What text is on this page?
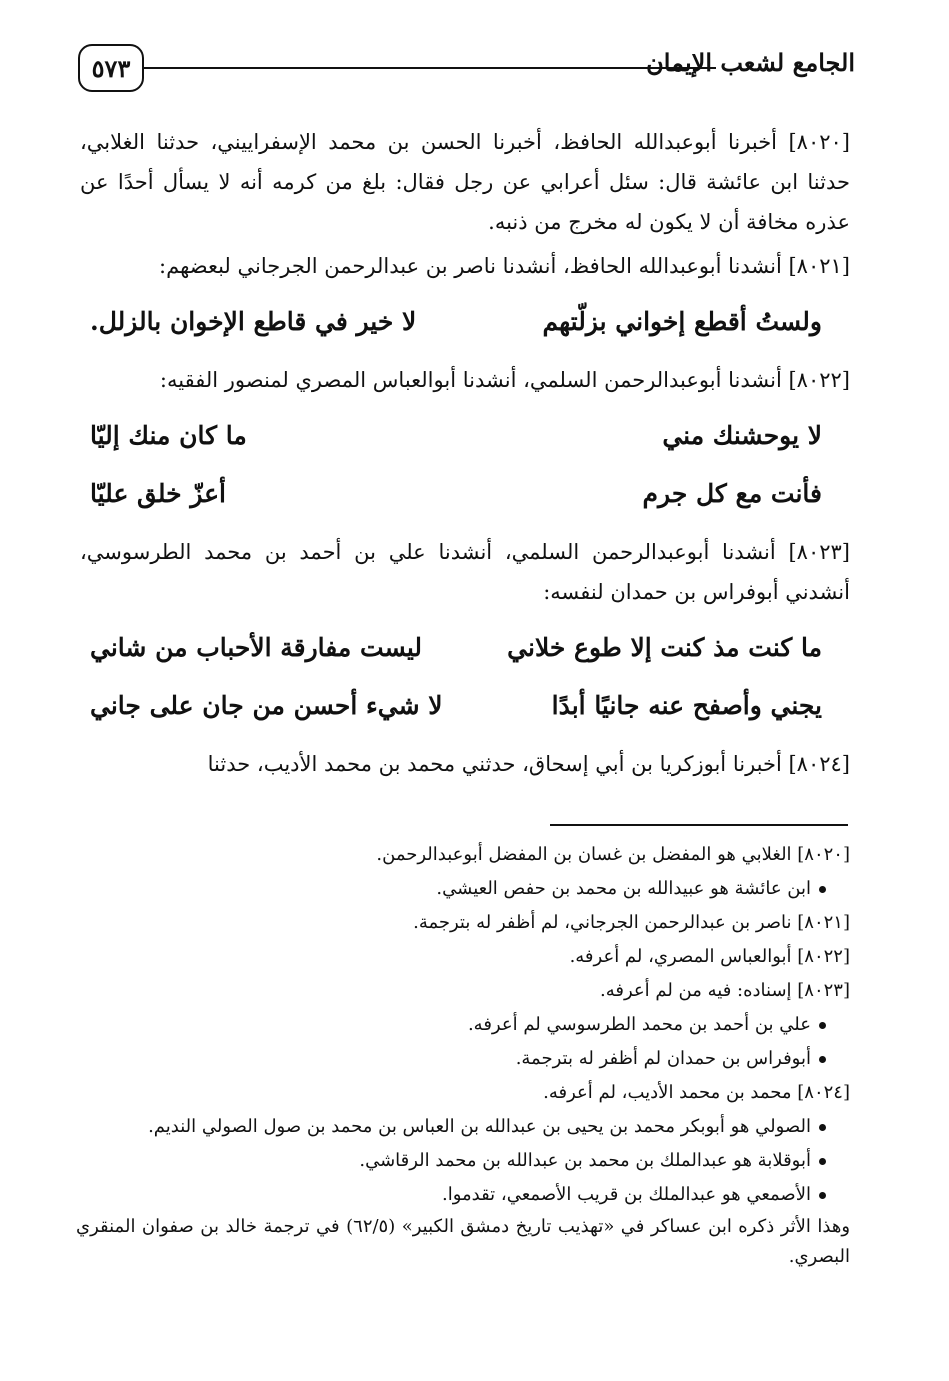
٥٧٣	الجامع لشعب الإيمان

[٨٠٢٠] أخبرنا أبوعبدالله الحافظ، أخبرنا الحسن بن محمد الإسفراييني، حدثنا الغلابي، حدثنا ابن عائشة قال: سئل أعرابي عن رجل فقال: بلغ من كرمه أنه لا يسأل أحدًا عن عذره مخافة أن لا يكون له مخرج من ذنبه.

[٨٠٢١] أنشدنا أبوعبدالله الحافظ، أنشدنا ناصر بن عبدالرحمن الجرجاني لبعضهم:

ولستُ أقطع إخواني بزلّتهم
لا خير في قاطع الإخوان بالزلل.

[٨٠٢٢] أنشدنا أبوعبدالرحمن السلمي، أنشدنا أبوالعباس المصري لمنصور الفقيه:

لا يوحشنك مني
ما كان منك إليّا
فأنت مع كل جرم
أعزّ خلق عليّا

[٨٠٢٣] أنشدنا أبوعبدالرحمن السلمي، أنشدنا علي بن أحمد بن محمد الطرسوسي، أنشدني أبوفراس بن حمدان لنفسه:

ما كنت مذ كنت إلا طوع خلاني
ليست مفارقة الأحباب من شاني
يجني وأصفح عنه جانيًا أبدًا
لا شيء أحسن من جان على جاني

[٨٠٢٤] أخبرنا أبوزكريا بن أبي إسحاق، حدثني محمد بن محمد الأديب، حدثنا

[٨٠٢٠] الغلابي هو المفضل بن غسان بن المفضل أبوعبدالرحمن.

ابن عائشة هو عبيدالله بن محمد بن حفص العيشي.

[٨٠٢١] ناصر بن عبدالرحمن الجرجاني، لم أظفر له بترجمة.

[٨٠٢٢] أبوالعباس المصري، لم أعرفه.

[٨٠٢٣] إسناده: فيه من لم أعرفه.

علي بن أحمد بن محمد الطرسوسي لم أعرفه.

أبوفراس بن حمدان لم أظفر له بترجمة.

[٨٠٢٤] محمد بن محمد الأديب، لم أعرفه.

الصولي هو أبوبكر محمد بن يحيى بن عبدالله بن العباس بن محمد بن صول الصولي النديم.

أبوقلابة هو عبدالملك بن محمد بن عبدالله بن محمد الرقاشي.

الأصمعي هو عبدالملك بن قريب الأصمعي، تقدموا.

وهذا الأثر ذكره ابن عساكر في «تهذيب تاريخ دمشق الكبير» (٦٢/٥) في ترجمة خالد بن صفوان المنقري البصري.
